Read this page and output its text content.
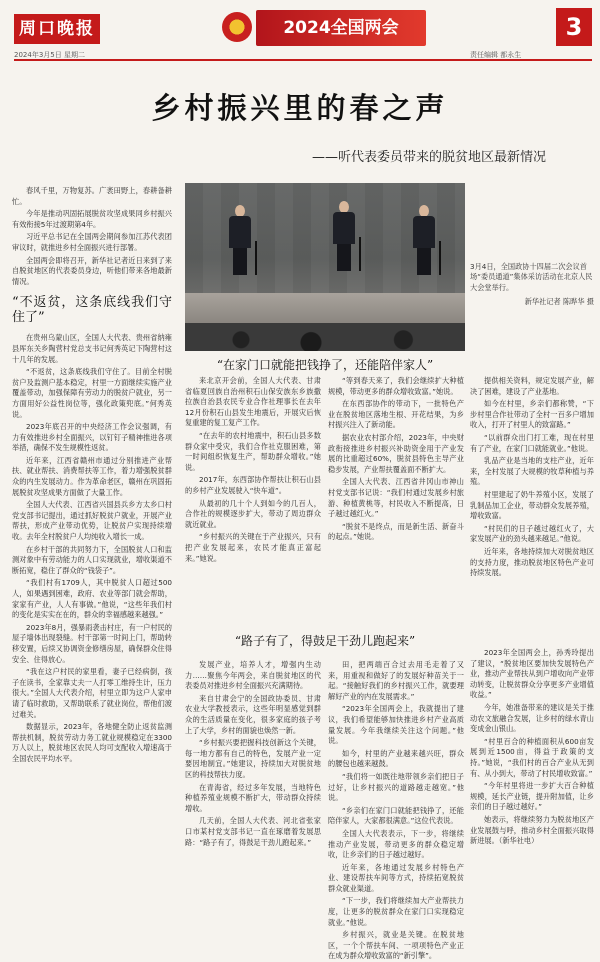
周口晚报	2024全国两会	3
2024年3月5日 星期二	责任编辑 都永生
乡村振兴里的春之声
——听代表委员带来的脱贫地区最新情况

春风千里，万物复苏。广袤田野上，春耕备耕忙。

今年是推动巩固拓展脱贫攻坚成果同乡村振兴有效衔接5年过渡期第4年。

习近平总书记在全国两会期间参加江苏代表团审议时，就推进乡村全面振兴进行部署。

全国两会即将召开，新华社记者近日来到了来自脱贫地区的代表委员身边，听他们带来各地最新情况。

“不返贫，这条底线我们守住了”

在贵州乌蒙山区，全国人大代表、贵州省纳雍县厍东关乡陶营村党总支书记何秀英记下陶营村这十几年的发展。

“不返贫，这条底线我们守住了。目前全村脱贫户及监测户基本稳定，村里一方面继续实施产业覆盖带动，加强保障有劳动力的脱贫户就业，另一方面用好公益性岗位等，强化政策兜底。”何秀英说。

2023年底召开的中央经济工作会议强调，有力有效推进乡村全面振兴，以钉钉子精神推进各项举措，确保不发生规模性返贫。

近年来，江西省赣州市通过分别推进产业帮扶、就业帮扶、消费帮扶等工作，着力增强脱贫群众的内生发展动力。作为革命老区，赣州在巩固拓展脱贫攻坚成果方面做了大量工作。

全国人大代表、江西省兴国县兵乡方太乡口村党支部书记提出，通过抓好脱贫户就业，开展产业帮扶，形成产业带动优势，让脱贫户实现持续增收。去年全村脱贫户人均纯收入增长一成。

在乡村干部的共同努力下，全国脱贫人口和监测对象中有劳动能力的人口实现就业，增收渠道不断拓宽，稳住了群众的“钱袋子”。

“我们村有1709人，其中脱贫人口超过500人，如果遇到困难，政府、农业等部门就会帮助，家家有产业，人人有事做。”他说，“这些年我们村的变化是实实在在的，群众的幸福感越来越强。”

2023年8月，强暴雨袭击村庄，有一户村民的屋子墙体出现裂缝。村干部第一时间上门，帮助转移安置，后续又协调资金修缮房屋，确保群众住得安全、住得放心。

“我在这户村民的家里看，妻子已经病倒，孩子在读书，全家靠丈夫一人打零工维持生计，压力很大。”全国人大代表介绍，村里立即为这户人家申请了临时救助，又帮助联系了就业岗位，帮他们渡过难关。

数据显示，2023年，各地健全防止返贫监测帮扶机制，脱贫劳动力务工就业规模稳定在3300万人以上，脱贫地区农民人均可支配收入增速高于全国农民平均水平。

3月4日，全国政协十四届二次会议首场“委员通道”集体采访活动在北京人民大会堂举行。
新华社记者 陈晔华 摄
“在家门口就能把钱挣了，还能陪伴家人”

来北京开会前，全国人大代表、甘肃省临夏回族自治州积石山保安族东乡族撒拉族自治县农民专业合作社理事长在去年12月份积石山县发生地震后，开展灾后恢复重建的复工复产工作。

“在去年的农村地震中，积石山县多数群众家中受灾，我们合作社克服困难，第一时间组织恢复生产，帮助群众增收。”她说。

2017年，东西部协作帮扶让积石山县的乡村产业发展驶入“快车道”。

从最初的几十个人到如今的几百人，合作社的规模逐步扩大，带动了周边群众就近就业。

“乡村振兴的关键在于产业振兴，只有把产业发展起来，农民才能真正富起来。”她说。

“等到春天来了，我们会继续扩大种植规模，带动更多的群众增收致富。”她说。

在东西部协作的带动下，一批特色产业在脱贫地区落地生根、开花结果，为乡村振兴注入了新动能。

据农业农村部介绍，2023年，中央财政衔接推进乡村振兴补助资金用于产业发展的比重超过60%，脱贫县特色主导产业稳步发展，产业帮扶覆盖面不断扩大。

全国人大代表、江西省井冈山市神山村党支部书记说：“我们村通过发展乡村旅游、种植黄桃等，村民收入不断提高，日子越过越红火。”

“脱贫不是终点，而是新生活、新奋斗的起点。”她说。

提供相关资料，规定发展产业，解决了困难，建设了产业基地。

如今在村里，乡亲们都称赞，“下步村里合作社带动了全村一百多户增加收入，打开了村里人的致富路。”

“以前群众出门打工难，现在村里有了产业，在家门口就能就业。”他说。

乳品产业是当地的支柱产业，近年来，全村发展了大规模的牧草种植与养殖。

村里建起了奶牛养殖小区，发展了乳制品加工企业，带动群众发展养殖，增收致富。

“村民们的日子越过越红火了，大家发展产业的劲头越来越足。”他说。

近年来，各地持续加大对脱贫地区的支持力度，推动脱贫地区特色产业可持续发展。

“路子有了，得鼓足干劲儿跑起来”

发展产业，培养人才，增强内生动力……聚焦今年两会，来自脱贫地区的代表委员对推进乡村全面振兴充满期待。

来自甘肃会宁的全国政协委员、甘肃农业大学教授表示，这些年明显感觉到群众的生活质量在变化，很多家庭的孩子考上了大学，乡村的面貌也焕然一新。

“乡村振兴要把握科技创新这个关键，每一地方都有自己的特色，发展产业一定要因地制宜。”她建议，持续加大对脱贫地区的科技帮扶力度。

在青海省，经过多年发展，当地特色种植养殖业规模不断扩大，带动群众持续增收。

几天前，全国人大代表、河北省张家口市某村党支部书记一直在琢磨着发展思路：“路子有了，得鼓足干劲儿跑起来。”

田，把两端百合过去用毛走着了又来，用重视和做好了的发展好种苗关于一起。“接触好我们的乡村振兴工作，就要理解好产业的内在发展需求。”

“2023年全国两会上，我就提出了建议，我们希望能够加快推进乡村产业高质量发展。今年我继续关注这个问题。”他说。

如今，村里的产业越来越兴旺，群众的腰包也越来越鼓。

“我们将一如既往地带领乡亲们把日子过好，让乡村振兴的道路越走越宽。”他说。

“乡亲们在家门口就能把钱挣了，还能陪伴家人，大家都很满意。”这位代表说。

全国人大代表表示，下一步，将继续推动产业发展，带动更多的群众稳定增收，让乡亲们的日子越过越好。

近年来，各地通过发展乡村特色产业、建设帮扶车间等方式，持续拓宽脱贫群众就业渠道。

“下一步，我们将继续加大产业帮扶力度，让更多的脱贫群众在家门口实现稳定就业。”他说。

乡村振兴，就业是关键。在脱贫地区，一个个帮扶车间、一项项特色产业正在成为群众增收致富的“新引擎”。

2023年全国两会上，孙秀玲提出了建议，“脱贫地区要加快发展特色产业，推动产业帮扶从到户增收向产业带动转变，让脱贫群众分享更多产业增值收益。”

今年，她准备带来的建议是关于推动农文旅融合发展，让乡村的绿水青山变成金山银山。

“村里百合的种植面积从600亩发展到近1500亩，得益于政策的支持。”她说，“我们村的百合产业从无到有、从小到大，带动了村民增收致富。”

“今年村里将进一步扩大百合种植规模，延长产业链，提升附加值，让乡亲们的日子越过越好。”

她表示，将继续努力为脱贫地区产业发展鼓与呼，推动乡村全面振兴取得新进展。（新华社电）
